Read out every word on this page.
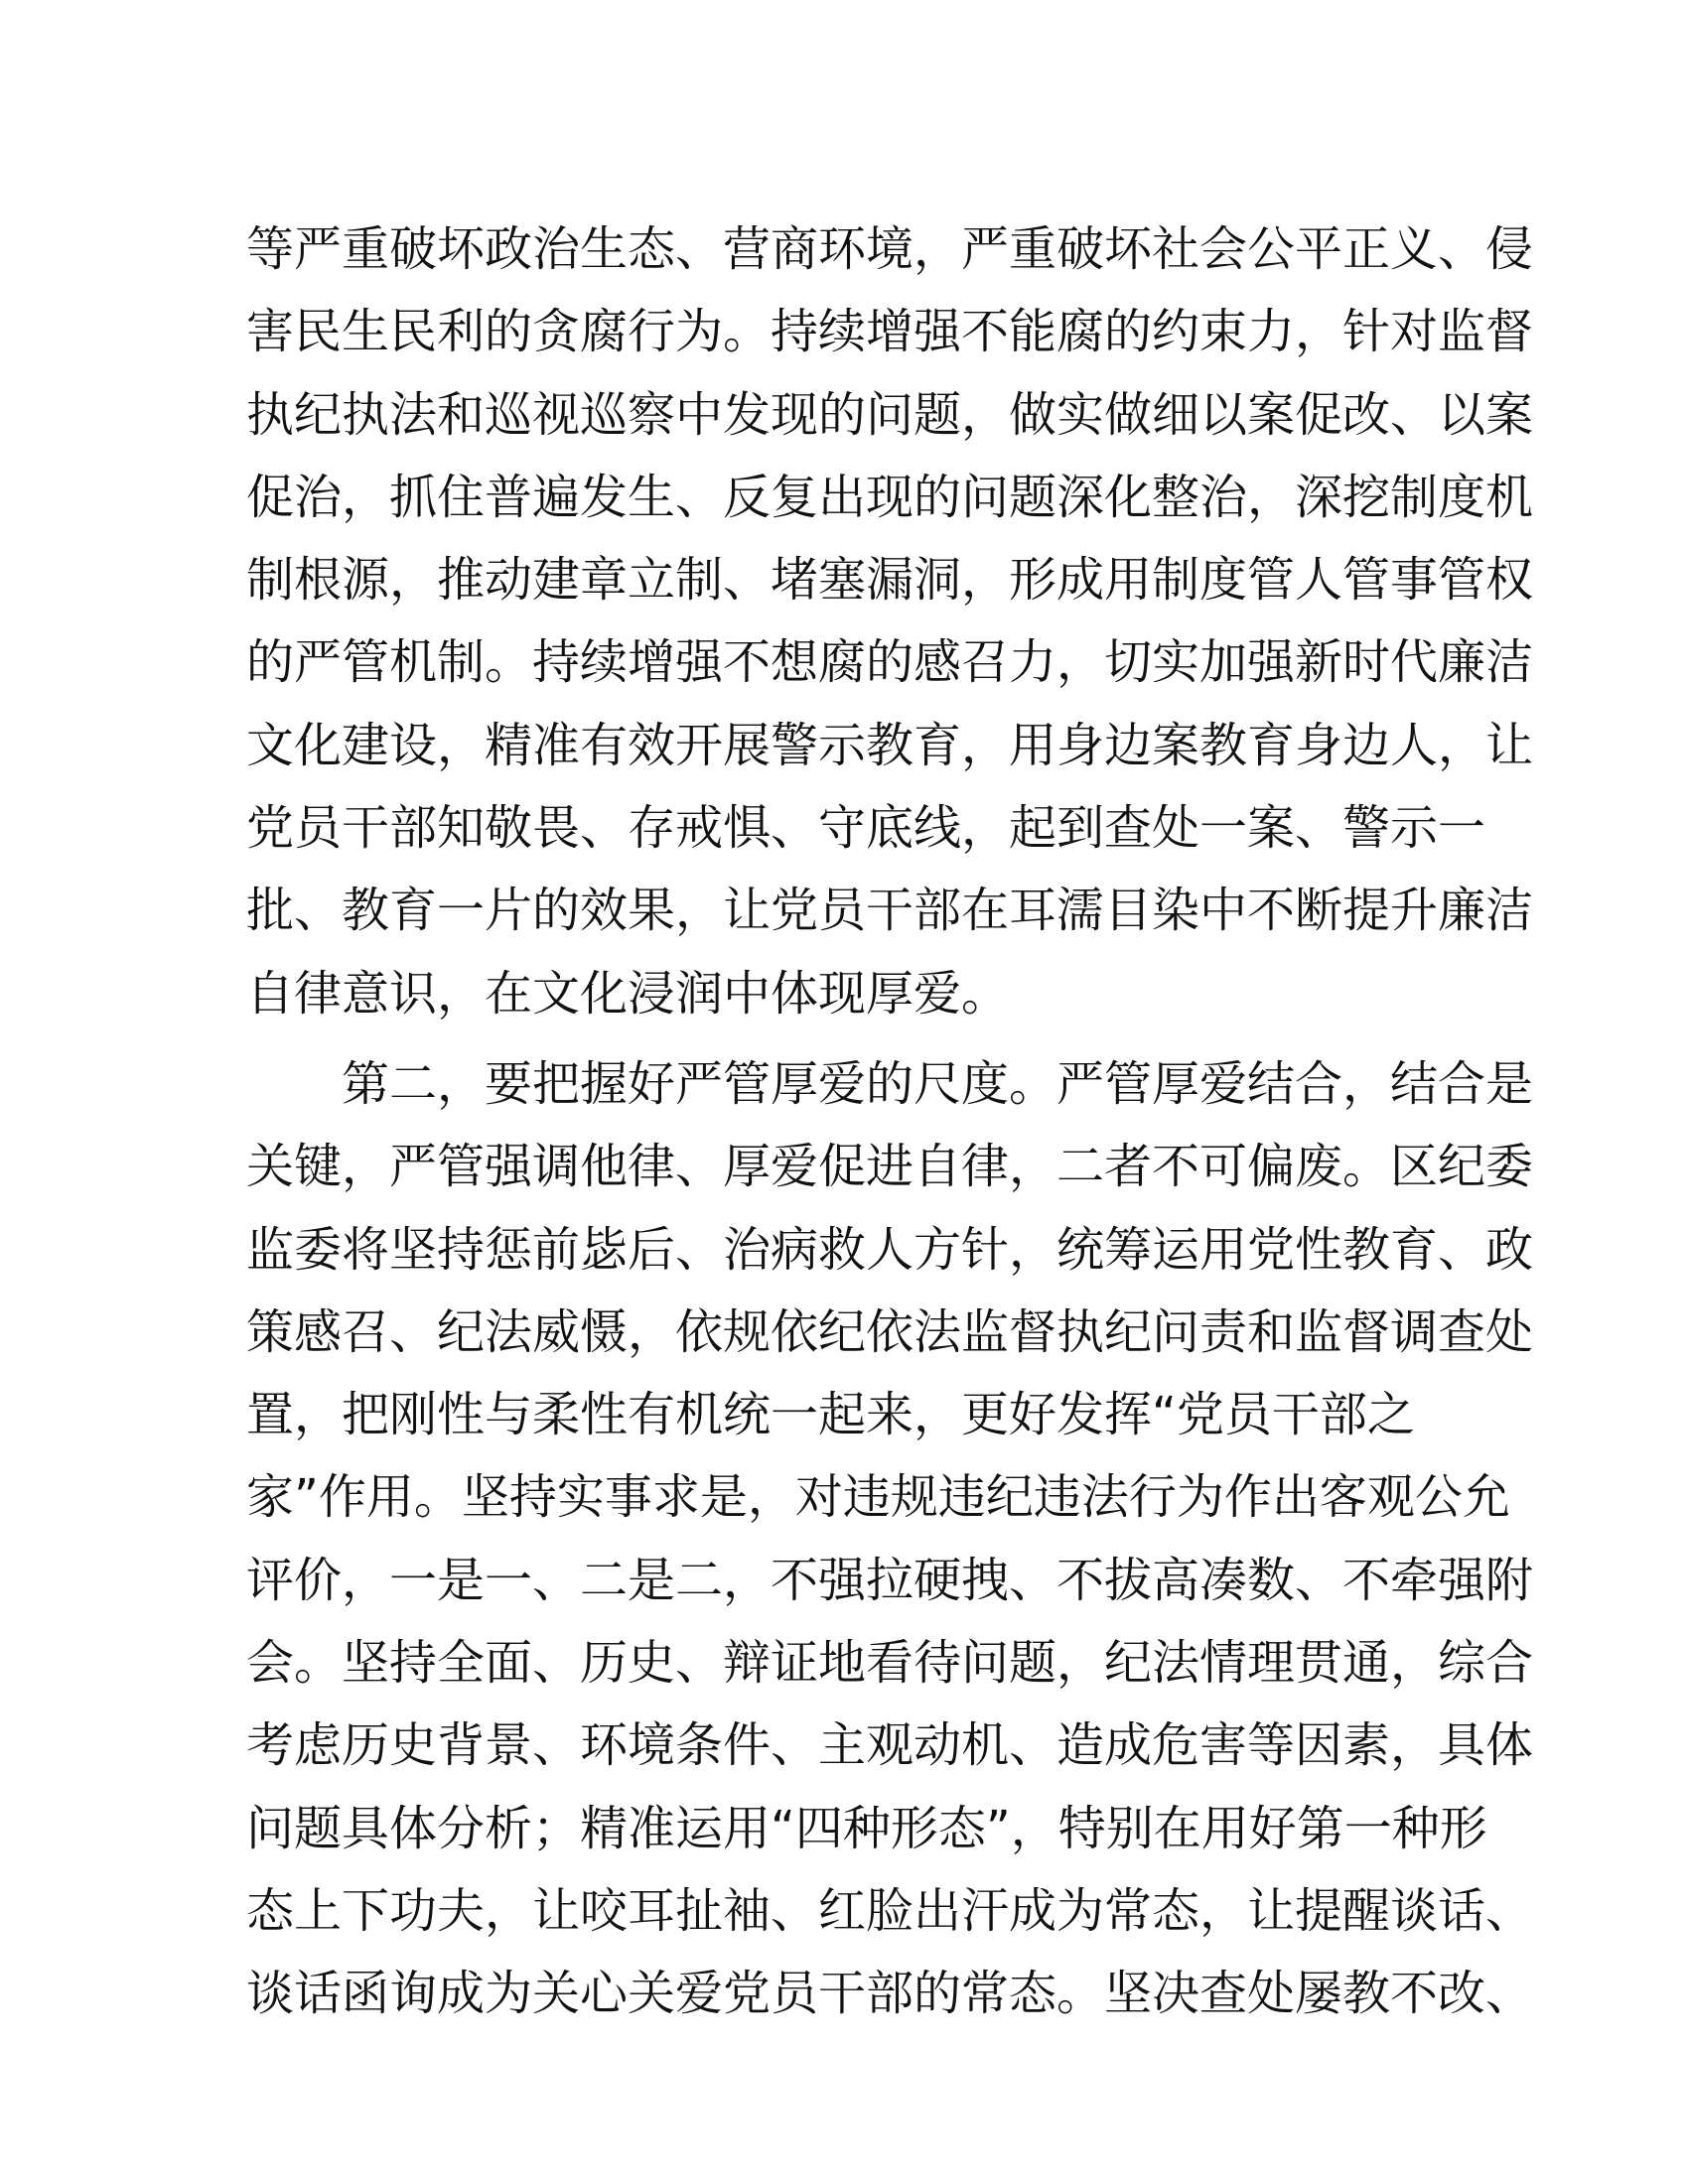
等严重破坏政治生态、营商环境，严重破坏社会公平正义、侵
害民生民利的贪腐行为。持续增强不能腐的约束力，针对监督
执纪执法和巡视巡察中发现的问题，做实做细以案促改、以案
促治，抓住普遍发生、反复出现的问题深化整治，深挖制度机
制根源，推动建章立制、堵塞漏洞，形成用制度管人管事管权
的严管机制。持续增强不想腐的感召力，切实加强新时代廉洁
文化建设，精准有效开展警示教育，用身边案教育身边人，让
党员干部知敬畏、存戒惧、守底线，起到查处一案、警示一
批、教育一片的效果，让党员干部在耳濡目染中不断提升廉洁
自律意识，在文化浸润中体现厚爱。
第二，要把握好严管厚爱的尺度。严管厚爱结合，结合是
关键，严管强调他律、厚爱促进自律，二者不可偏废。区纪委
监委将坚持惩前毖后、治病救人方针，统筹运用党性教育、政
策感召、纪法威慑，依规依纪依法监督执纪问责和监督调查处
置，把刚性与柔性有机统一起来，更好发挥“党员干部之
家”作用。坚持实事求是，对违规违纪违法行为作出客观公允
评价，一是一、二是二，不强拉硬拽、不拔高凑数、不牵强附
会。坚持全面、历史、辩证地看待问题，纪法情理贯通，综合
考虑历史背景、环境条件、主观动机、造成危害等因素，具体
问题具体分析；精准运用“四种形态”，特别在用好第一种形
态上下功夫，让咬耳扯袖、红脸出汗成为常态，让提醒谈话、
谈话函询成为关心关爱党员干部的常态。坚决查处屡教不改、
